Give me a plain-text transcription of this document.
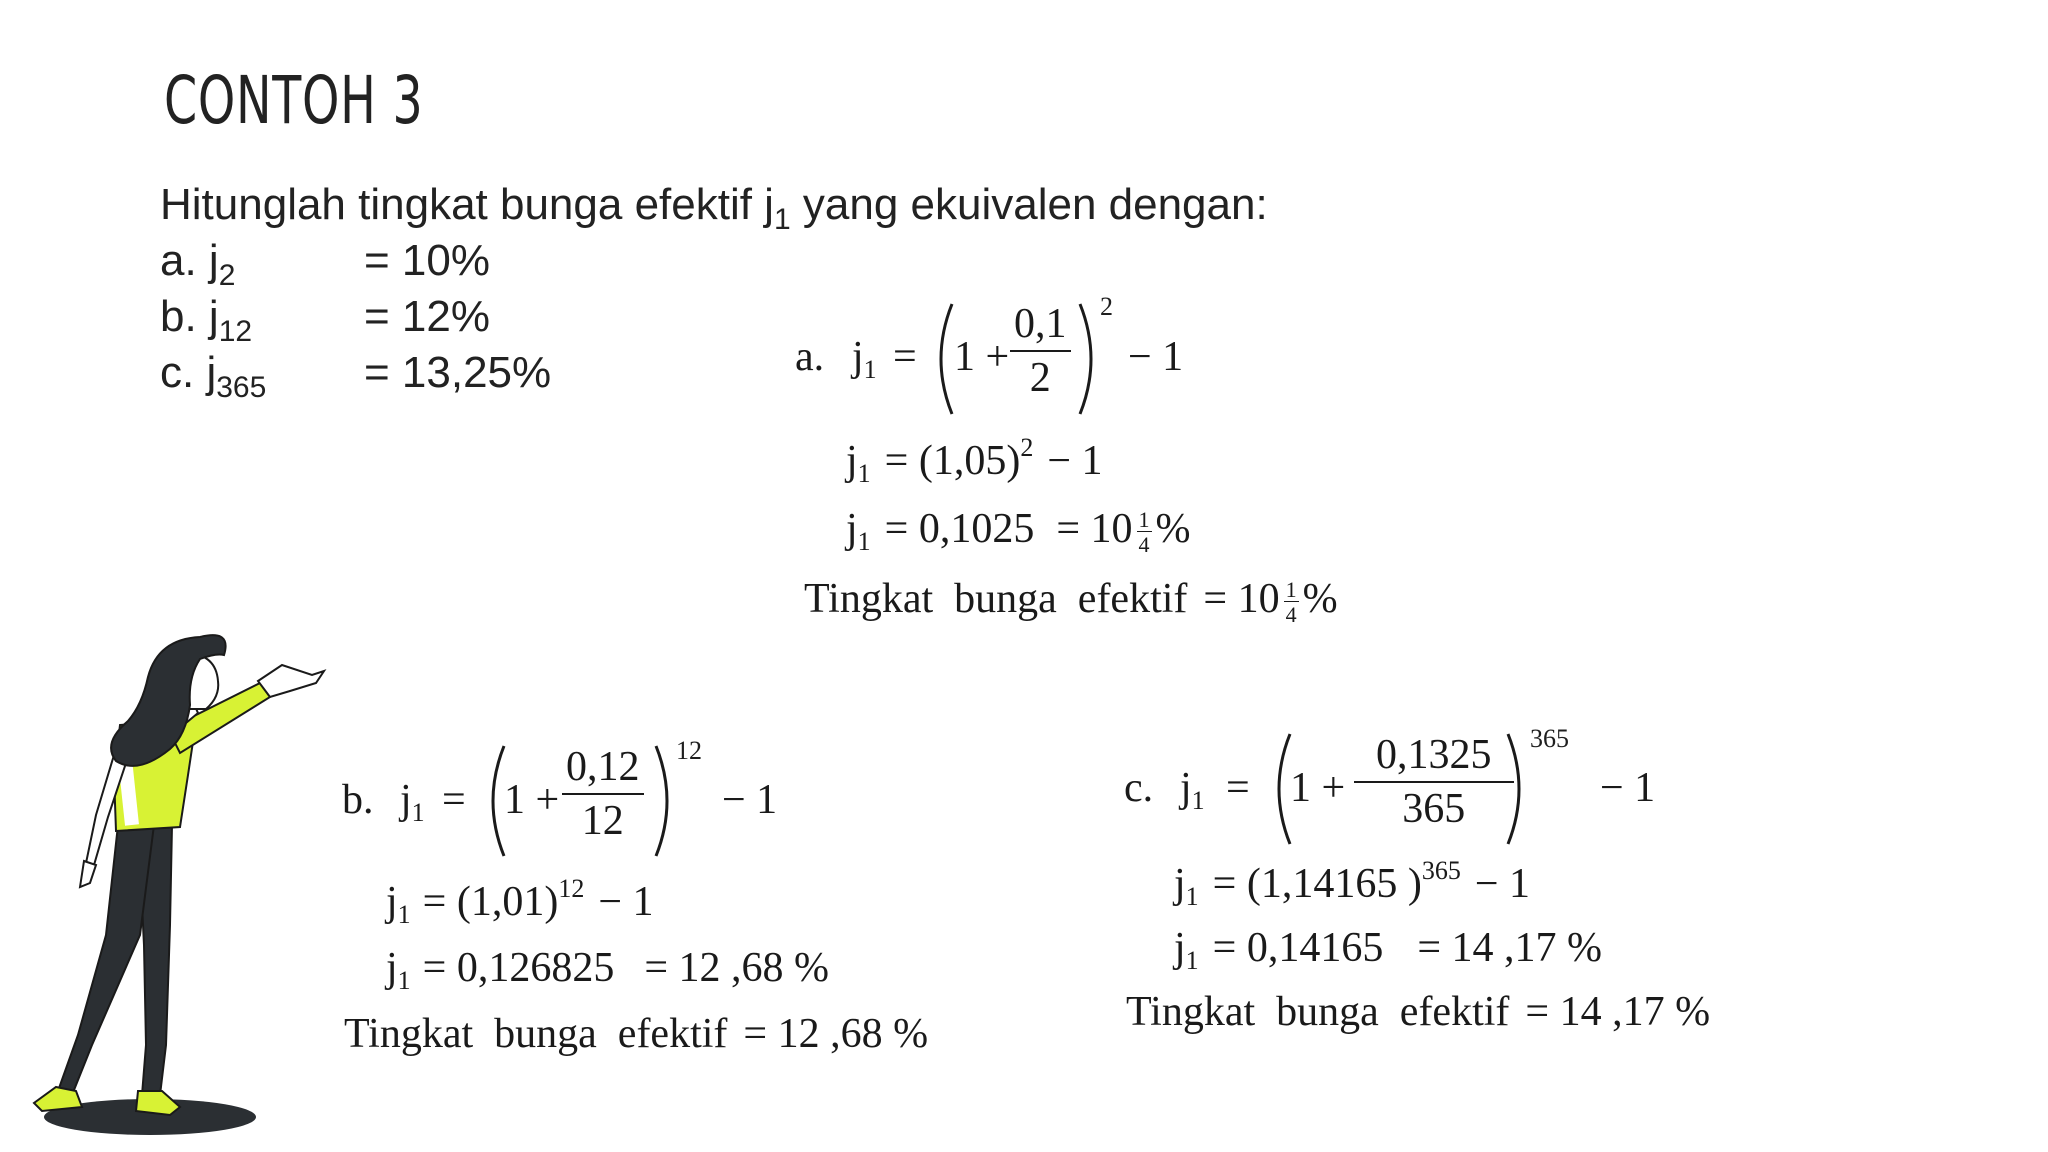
CONTOH 3
Hitunglah tingkat bunga efektif $j_1$ yang ekuivalen dengan:
a. $j_2$	= 10%
b. $j_{12}$	= 12%
c. $j_{365} = 13,25\%$	a. $j_1 = 1 + \frac{0,1}{2} 2$
− 1
$j_1 = (1,05)^2 - 1$
$j_1 = 0,1025 = 10 \frac{1}{4}$ %
Tingkat  bunga  efektif = $10 \frac{1}{4}$ %
b. $j_1 = 1 + \frac{0,12}{12} 12$
− 1
$j_1 = (1,01)^{12} - 1$
$j_1 = 0,126825 = 12$ ,68 %
Tingkat  bunga  efektif = 12 ,68 %
c. $j_1 = 1 + \frac{0,1325}{365} 365$
− 1
$j_1 = (1,14165$ )$^{365}$ − 1
$j_1 = 0,14165 = 14$ ,17 %
Tingkat  bunga  efektif = 14 ,17 %
